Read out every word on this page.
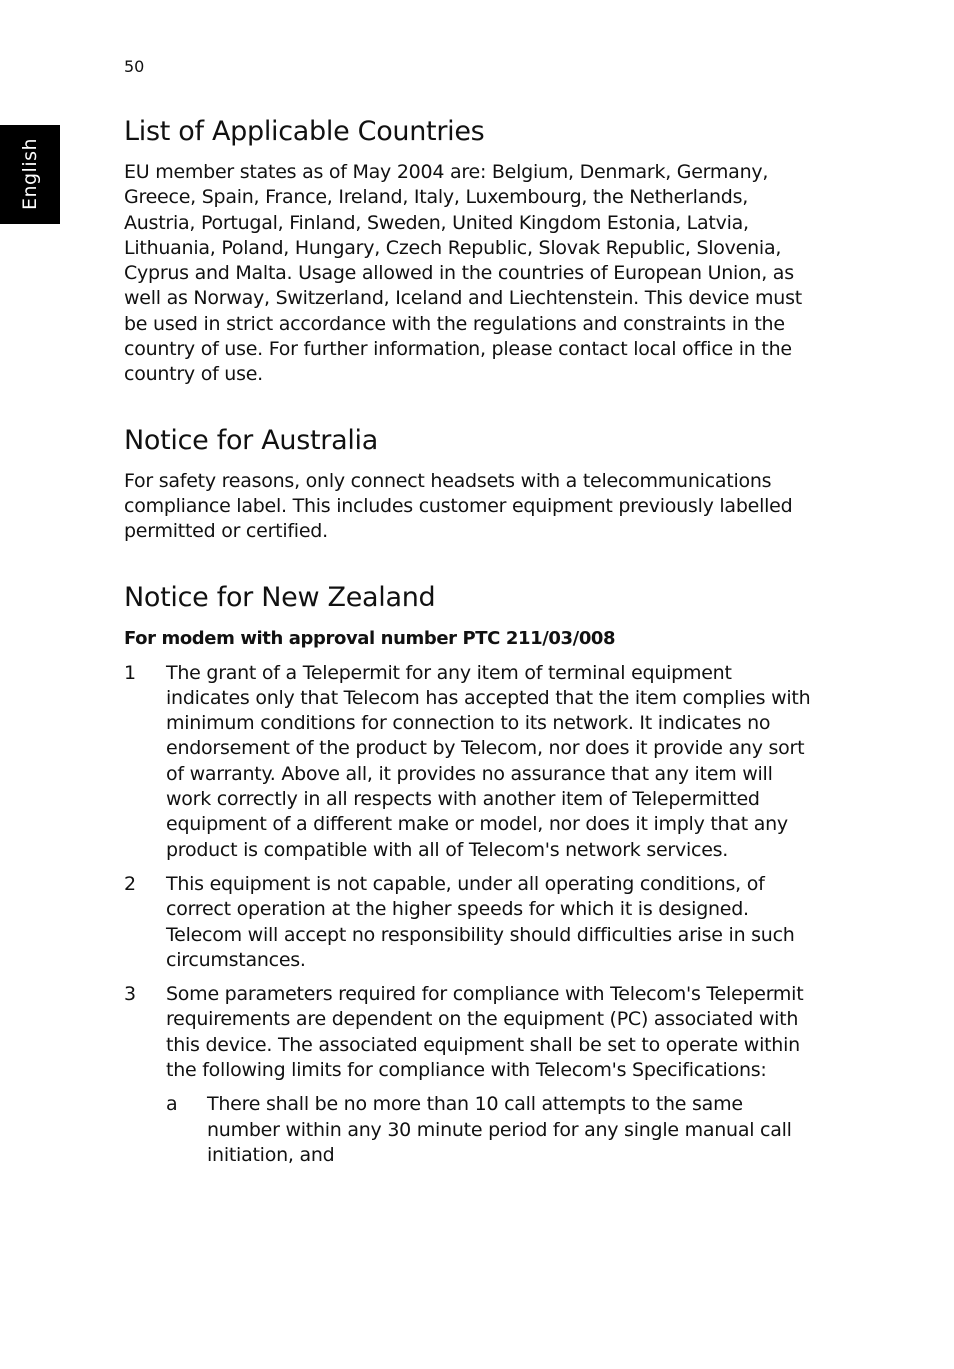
50
English
List of Applicable Countries

EU member states as of May 2004 are: Belgium, Denmark, Germany, Greece, Spain, France, Ireland, Italy, Luxembourg, the Netherlands, Austria, Portugal, Finland, Sweden, United Kingdom Estonia, Latvia, Lithuania, Poland, Hungary, Czech Republic, Slovak Republic, Slovenia, Cyprus and Malta. Usage allowed in the countries of European Union, as well as Norway, Switzerland, Iceland and Liechtenstein. This device must be used in strict accordance with the regulations and constraints in the country of use. For further information, please contact local office in the country of use.

Notice for Australia

For safety reasons, only connect headsets with a telecommunications compliance label. This includes customer equipment previously labelled permitted or certified.

Notice for New Zealand
For modem with approval number PTC 211/03/008
1	The grant of a Telepermit for any item of terminal equipment indicates only that Telecom has accepted that the item complies with minimum conditions for connection to its network. It indicates no endorsement of the product by Telecom, nor does it provide any sort of warranty. Above all, it provides no assurance that any item will work correctly in all respects with another item of Telepermitted equipment of a different make or model, nor does it imply that any product is compatible with all of Telecom's network services.
2	This equipment is not capable, under all operating conditions, of correct operation at the higher speeds for which it is designed. Telecom will accept no responsibility should difficulties arise in such circumstances.
3	Some parameters required for compliance with Telecom's Telepermit requirements are dependent on the equipment (PC) associated with this device. The associated equipment shall be set to operate within the following limits for compliance with Telecom's Specifications:
a	There shall be no more than 10 call attempts to the same number within any 30 minute period for any single manual call initiation, and
